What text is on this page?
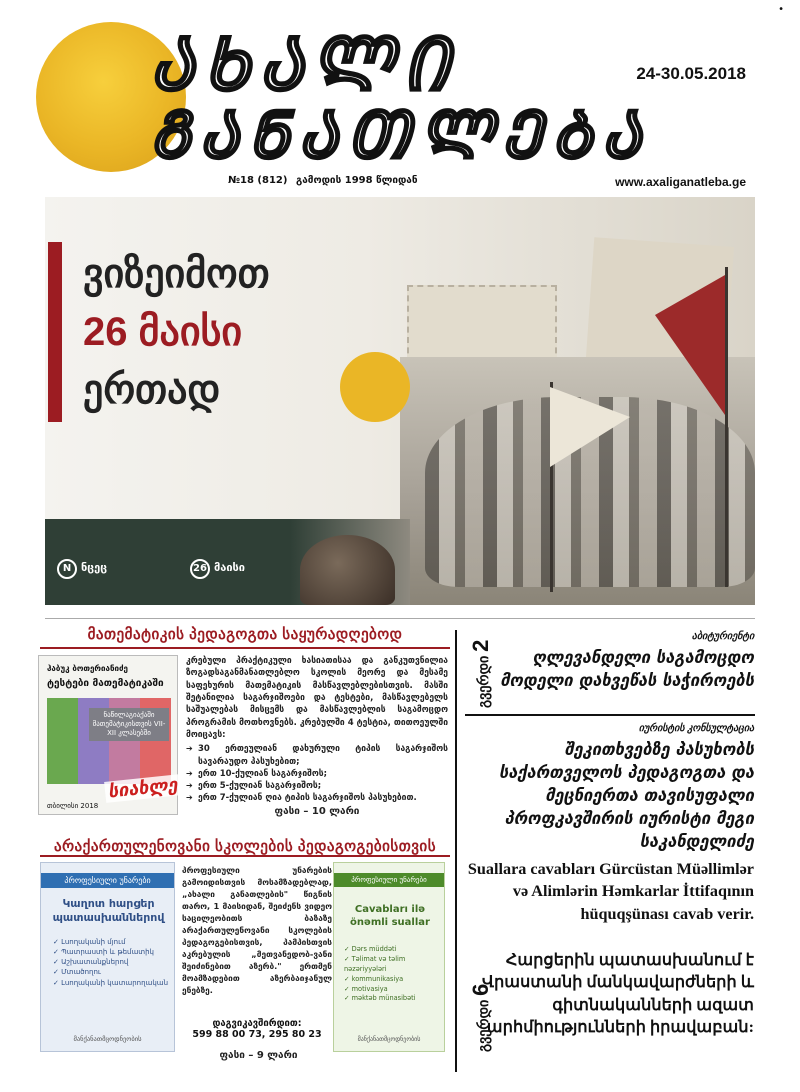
ᲐᲮᲐᲚᲘ
ᲒᲐᲜᲐᲗᲚᲔᲑᲐ
24-30.05.2018
•
№18 (812) გამოდის 1998 წლიდან	www.axaliganatleba.ge
ვიზეიმოთ
26 მაისი
ერთად
N ნცეც	26 მაისი
მათემატიკის პედაგოგთა საყურადღებოდ
ჰაბუკ ბოთერიანიძე
ტესტები მათემატიკაში
ნაწილაგიაქაში მათემატიკისთვის VII-XII კლასებში
სიახლე
თბილისი 2018

კრებული პრაქტიკული ხასიათისაა და განკუთვნილია ზოგადსაგანმანათლებლო სკოლის მეორე და მესამე საფეხურის მათემატიკის მასწავლებლებისთვის. მასში შეტანილია საგარჯიშოები და ტესტები, მასწავლებელს საშუალებას მისცემს და მასწავლებლის საგამოცდო პროგრამის მოთხოვნებს. კრებულში 4 ტესტია, თითოეულში მოიცავს:

➔ 30 ერთეულიან დახურული ტიპის საგარჯიშოს სავარაუდო პასუხებით;
➔ ერთ 10-ქულიან საგარჯიშოს;
➔ ერთ 5-ქულიან საგარჯიშოს;
➔ ერთ 7-ქულიან ღია ტიპის საგარჯიშოს პასუხებით.
ფასი – 10 ლარი
არაქართულენოვანი სკოლების პედაგოგებისთვის
პროფესიული უნარები
Կաղոտ հարցեր պատասխաններով
✓ Լսողականի մյում
✓ Պատրաստի և թեմատիկ
✓ Աշխատանքներով
✓ Մտածողու
✓ Լսողականի կատարողական
მანქანათმცოდნეობის
პროფესიული უნარების გამოიდისთვის მოსამზადებლად, „ახალი განათლების" წიგნის თარო, 1 მაისიდან, შეიძენს ვიდეო საცილეობითს ბაზაზე არაქართულენოვანი სკოლების პედაგოგებისთვის, პამპისთვის აკრებულის „მეთვანედობ-ვანი შეიძინებით აზერბ." ერთმენ მოამზადებით აზერბაიჯანულ ენებზე.
დაგვიკავშირდით:
599 88 00 73, 295 80 23
ფასი – 9 ლარი
პროფესიული უნარები
Cavabları ilə önəmli suallar
✓ Dərs müddəti
✓ Təlimat və təlim nəzəriyyələri
✓ kommunikasiya
✓ motivasiya
✓ məktəb münasibəti
მანქანათმცოდნეობის
გვერდი 2
აბიტურიენტი
ღლევანდელი საგამოცდო მოდელი დახვეწას საჭიროებს
იურისტის კონსულტაცია
შეკითხვებზე პასუხობს საქართველოს პედაგოგთა და მეცნიერთა თავისუფალი პროფკავშირის იურისტი მეგი საკანდელიძე
Suallara cavabları Gürcüstan Müəllimlər və Alimlərin Həmkarlar İttifaqının hüquqşünası cavab verir.
Հարցերին պատասխանում է Վրաստանի մանկավարժների և գիտնականների ազատ արհմիությունների իրավաբան:
გვერდი 6
